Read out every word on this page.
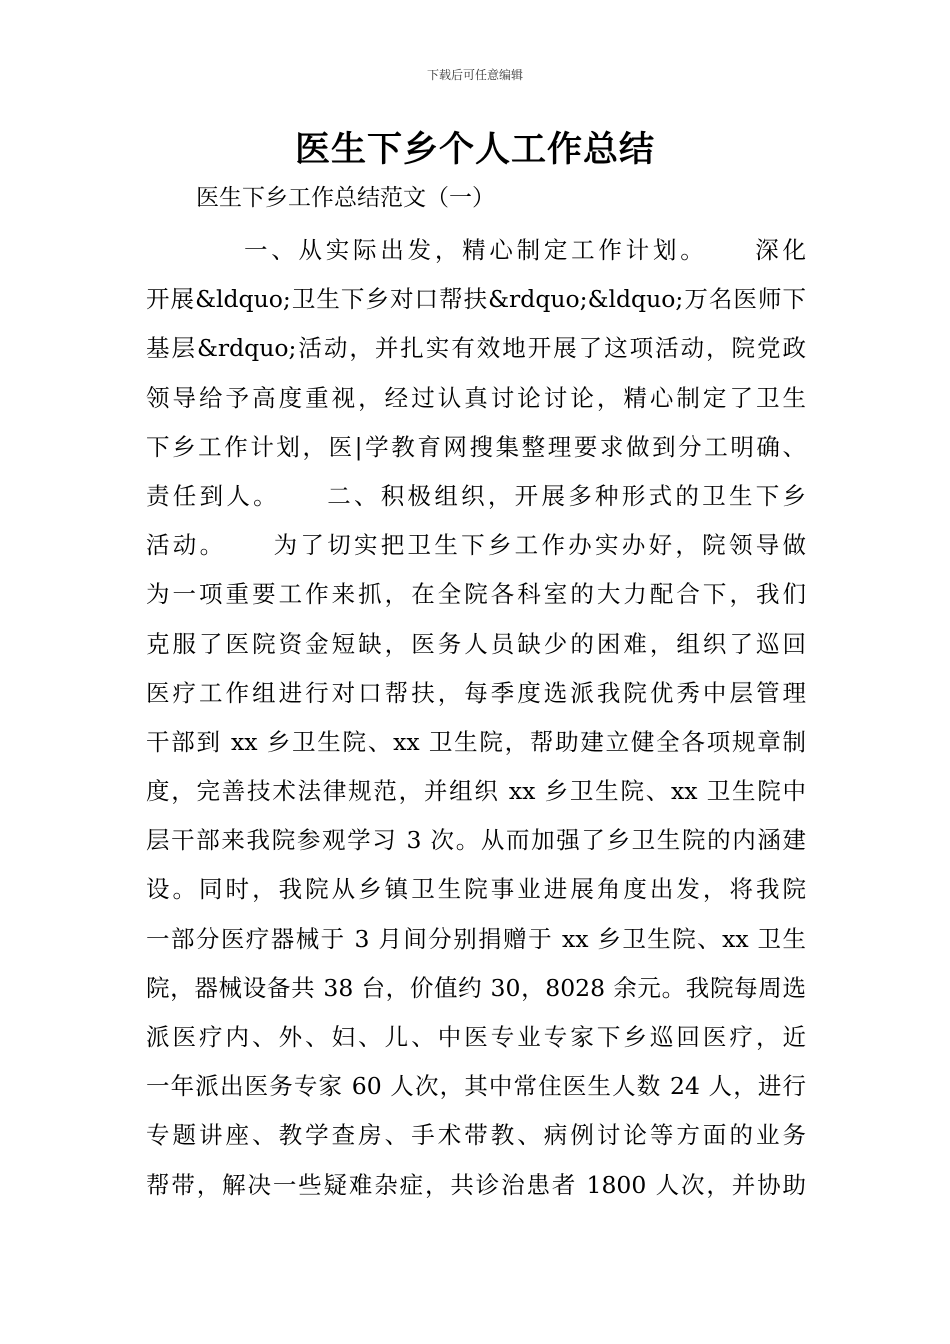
下载后可任意编辑
医生下乡个人工作总结
医生下乡工作总结范文（一）
一、从实际出发，精心制定工作计划。 深化
开展&ldquo;卫生下乡对口帮扶&rdquo;&ldquo;万名医师下
基层&rdquo;活动，并扎实有效地开展了这项活动，院党政
领导给予高度重视，经过认真讨论讨论，精心制定了卫生
下乡工作计划，医|学教育网搜集整理要求做到分工明确、
责任到人。 二、积极组织，开展多种形式的卫生下乡
活动。 为了切实把卫生下乡工作办实办好，院领导做
为一项重要工作来抓，在全院各科室的大力配合下，我们
克服了医院资金短缺，医务人员缺少的困难，组织了巡回
医疗工作组进行对口帮扶，每季度选派我院优秀中层管理
干部到 xx 乡卫生院、xx 卫生院，帮助建立健全各项规章制
度，完善技术法律规范，并组织 xx 乡卫生院、xx 卫生院中
层干部来我院参观学习 3 次。从而加强了乡卫生院的内涵建
设。同时，我院从乡镇卫生院事业进展角度出发，将我院
一部分医疗器械于 3 月间分别捐赠于 xx 乡卫生院、xx 卫生
院，器械设备共 38 台，价值约 30，8028 余元。我院每周选
派医疗内、外、妇、儿、中医专业专家下乡巡回医疗，近
一年派出医务专家 60 人次，其中常住医生人数 24 人，进行
专题讲座、教学查房、手术带教、病例讨论等方面的业务
帮带，解决一些疑难杂症，共诊治患者 1800 人次，并协助
